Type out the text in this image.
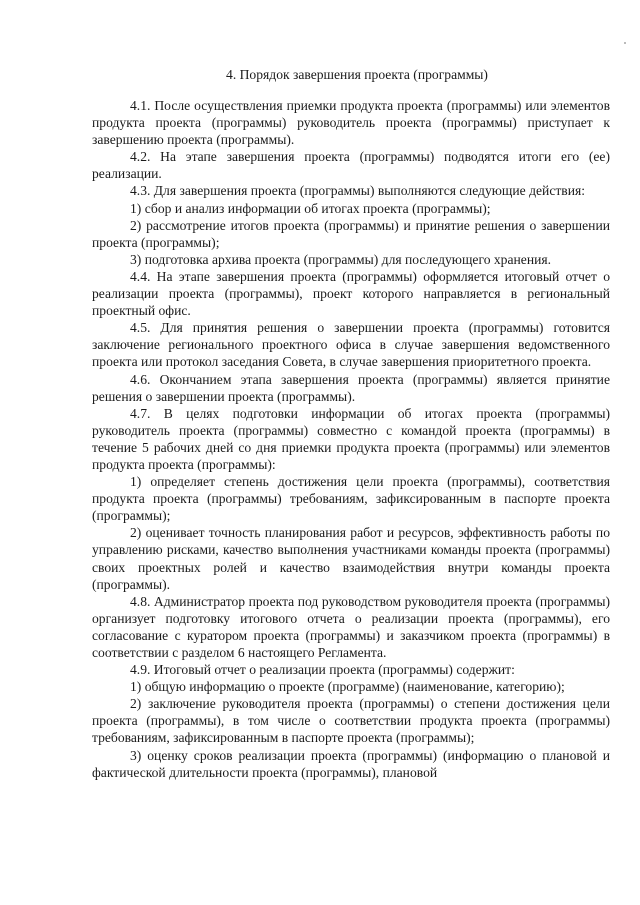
4. Порядок завершения проекта (программы)

4.1. После осуществления приемки продукта проекта (программы) или элементов продукта проекта (программы) руководитель проекта (программы) приступает к завершению проекта (программы).

4.2. На этапе завершения проекта (программы) подводятся итоги его (ее) реализации.

4.3. Для завершения проекта (программы) выполняются следующие действия:

1) сбор и анализ информации об итогах проекта (программы);

2) рассмотрение итогов проекта (программы) и принятие решения о завершении проекта (программы);

3) подготовка архива проекта (программы) для последующего хранения.

4.4. На этапе завершения проекта (программы) оформляется итоговый отчет о реализации проекта (программы), проект которого направляется в региональный проектный офис.

4.5. Для принятия решения о завершении проекта (программы) готовится заключение регионального проектного офиса в случае завершения ведомственного проекта или протокол заседания Совета, в случае завершения приоритетного проекта.

4.6. Окончанием этапа завершения проекта (программы) является принятие решения о завершении проекта (программы).

4.7. В целях подготовки информации об итогах проекта (программы) руководитель проекта (программы) совместно с командой проекта (программы) в течение 5 рабочих дней со дня приемки продукта проекта (программы) или элементов продукта проекта (программы):

1) определяет степень достижения цели проекта (программы), соответствия продукта проекта (программы) требованиям, зафиксированным в паспорте проекта (программы);

2) оценивает точность планирования работ и ресурсов, эффективность работы по управлению рисками, качество выполнения участниками команды проекта (программы) своих проектных ролей и качество взаимодействия внутри команды проекта (программы).

4.8. Администратор проекта под руководством руководителя проекта (программы) организует подготовку итогового отчета о реализации проекта (программы), его согласование с куратором проекта (программы) и заказчиком проекта (программы) в соответствии с разделом 6 настоящего Регламента.

4.9. Итоговый отчет о реализации проекта (программы) содержит:

1) общую информацию о проекте (программе) (наименование, категорию);

2) заключение руководителя проекта (программы) о степени достижения цели проекта (программы), в том числе о соответствии продукта проекта (программы) требованиям, зафиксированным в паспорте проекта (программы);

3) оценку сроков реализации проекта (программы) (информацию о плановой и фактической длительности проекта (программы), плановой
